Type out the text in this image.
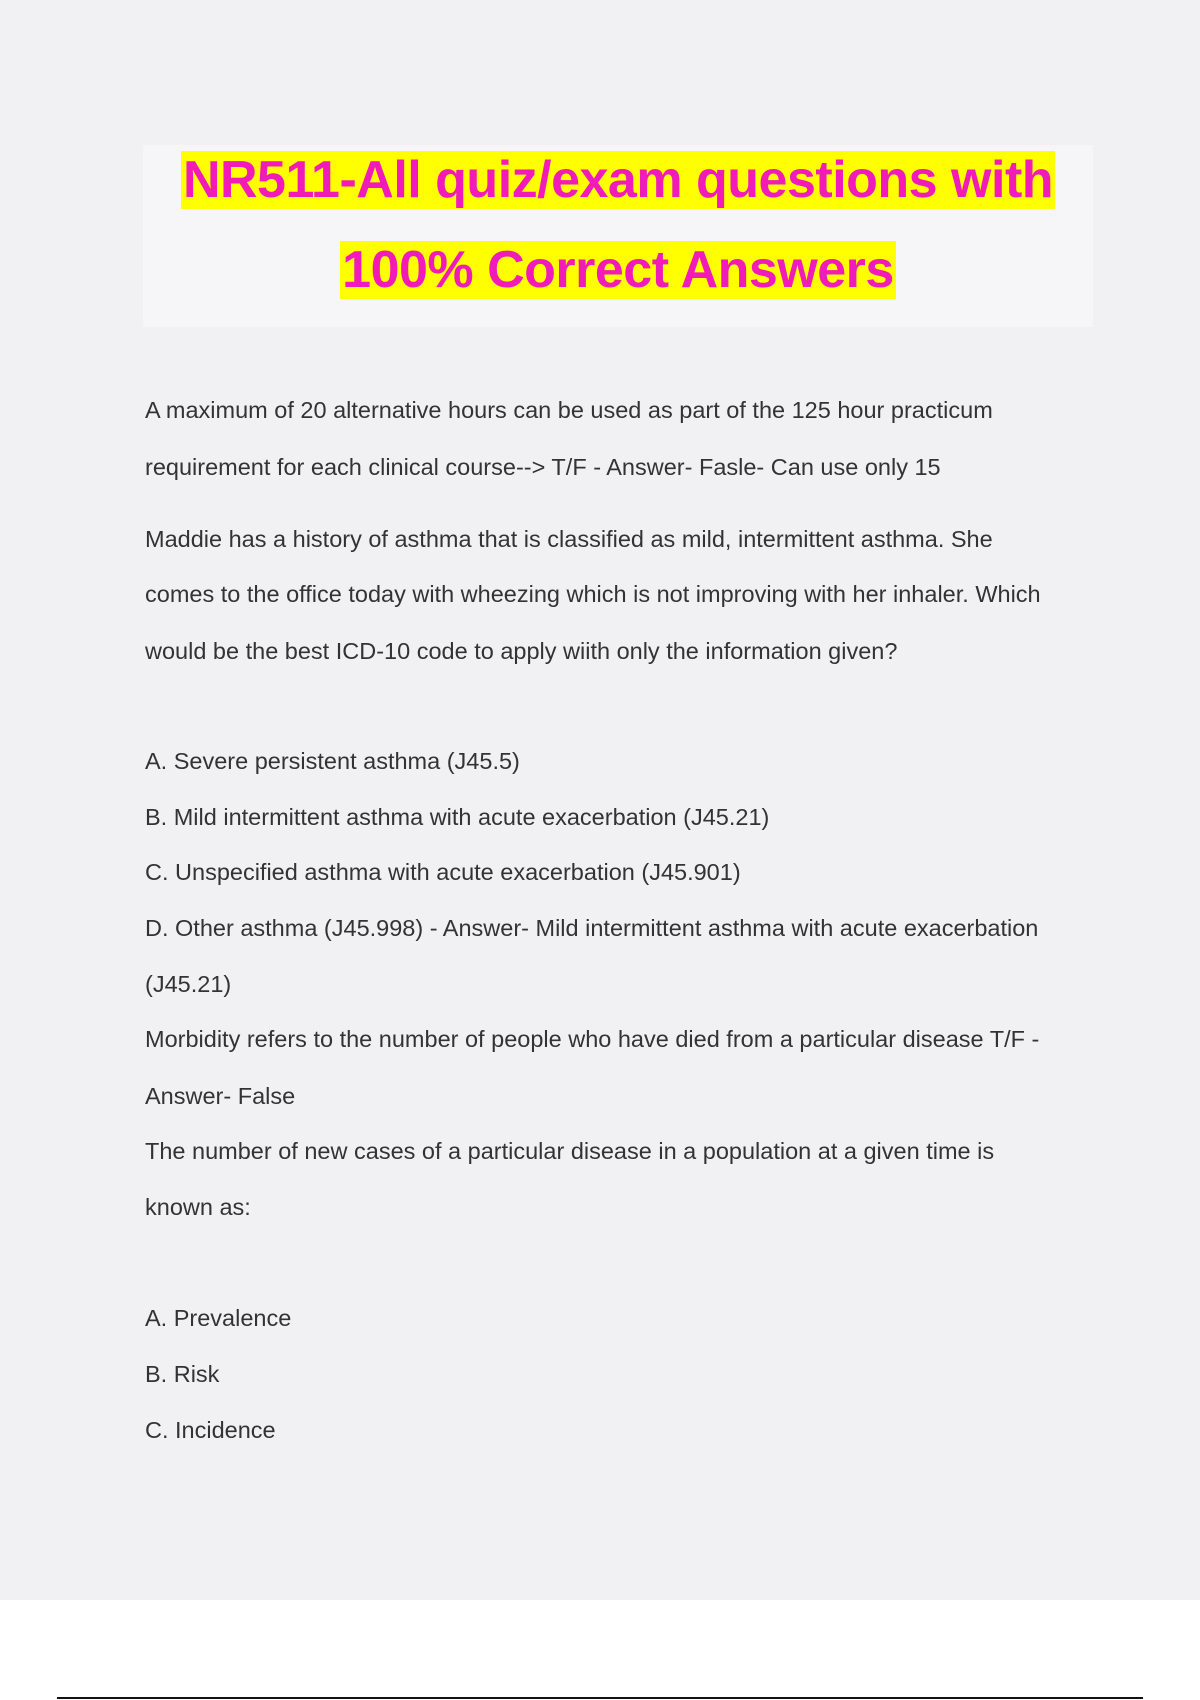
NR511-All quiz/exam questions with
100% Correct Answers
A maximum of 20 alternative hours can be used as part of the 125 hour practicum
requirement for each clinical course--> T/F - Answer- Fasle- Can use only 15
Maddie has a history of asthma that is classified as mild, intermittent asthma. She
comes to the office today with wheezing which is not improving with her inhaler. Which
would be the best ICD-10 code to apply wiith only the information given?
A. Severe persistent asthma (J45.5)
B. Mild intermittent asthma with acute exacerbation (J45.21)
C. Unspecified asthma with acute exacerbation (J45.901)
D. Other asthma (J45.998) - Answer- Mild intermittent asthma with acute exacerbation
(J45.21)
Morbidity refers to the number of people who have died from a particular disease T/F -
Answer- False
The number of new cases of a particular disease in a population at a given time is
known as:
A. Prevalence
B. Risk
C. Incidence
